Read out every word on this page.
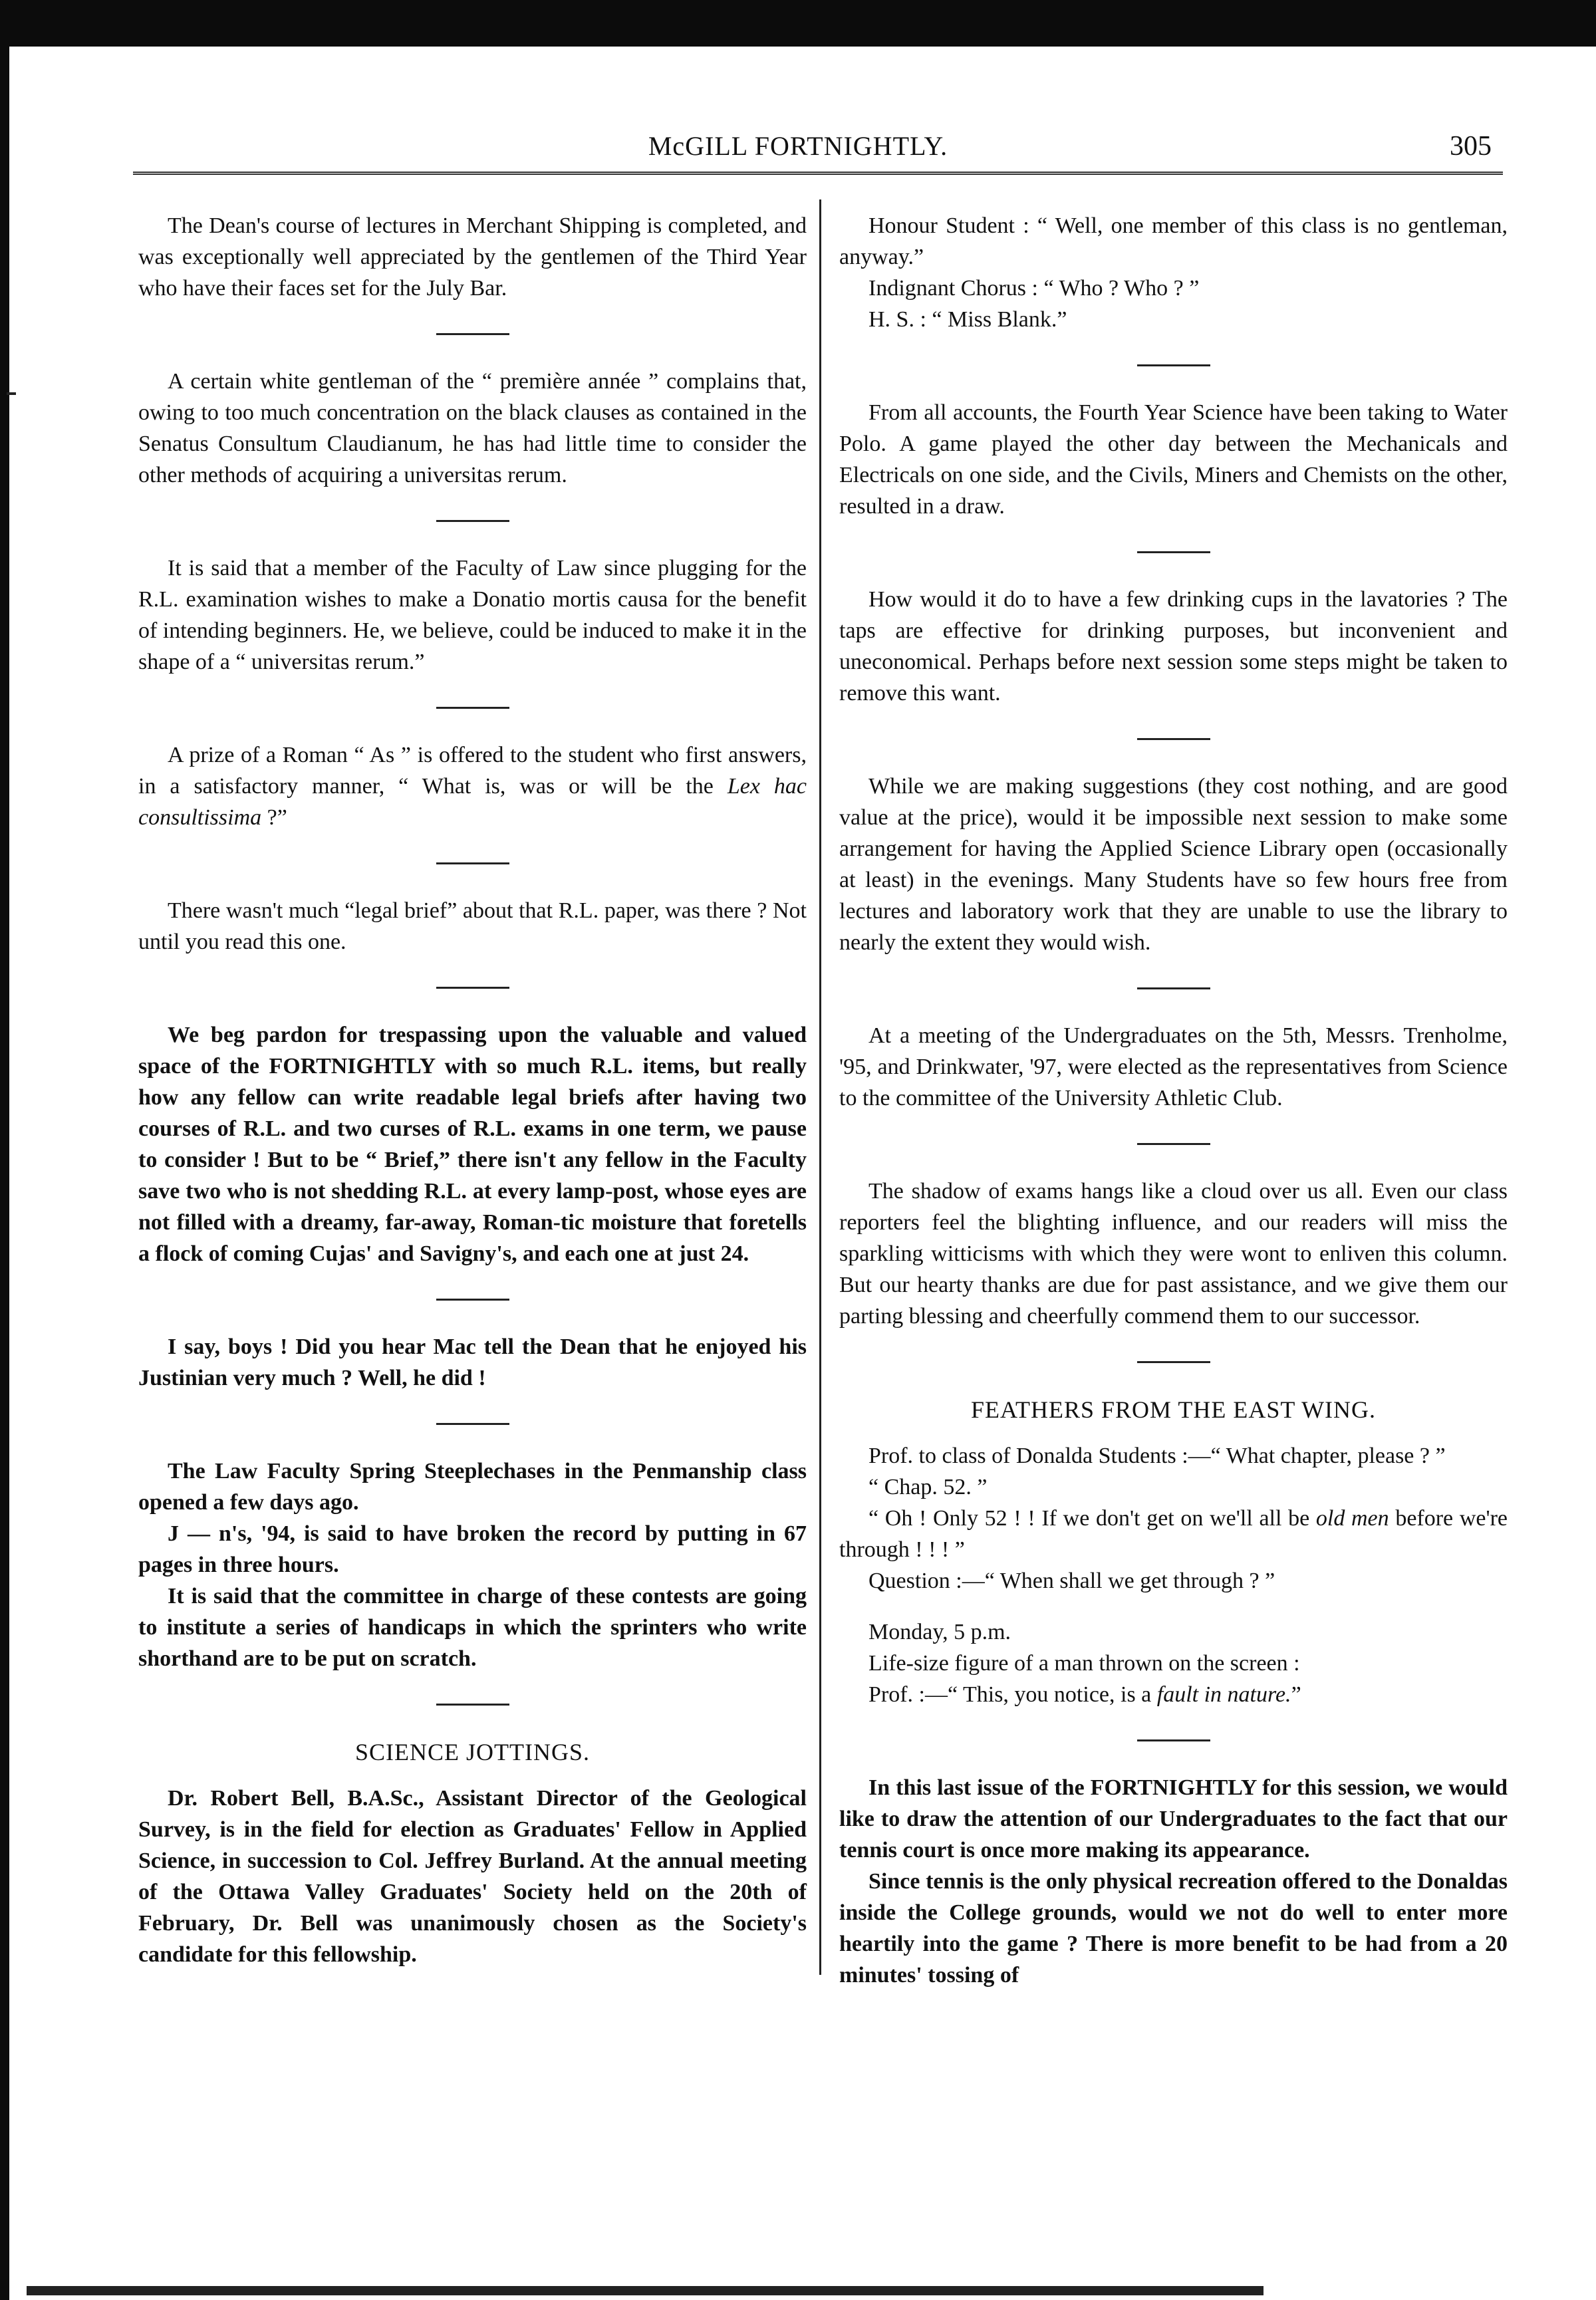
McGILL FORTNIGHTLY.	305

The Dean's course of lectures in Merchant Shipping is completed, and was exceptionally well appreciated by the gentlemen of the Third Year who have their faces set for the July Bar.

A certain white gentleman of the “ première année ” complains that, owing to too much concentration on the black clauses as contained in the Senatus Consultum Claudianum, he has had little time to consider the other methods of acquiring a universitas rerum.

It is said that a member of the Faculty of Law since plugging for the R.L. examination wishes to make a Donatio mortis causa for the benefit of intending beginners. He, we believe, could be induced to make it in the shape of a “ universitas rerum.”

A prize of a Roman “ As ” is offered to the student who first answers, in a satisfactory manner, “ What is, was or will be the Lex hac consultissima ?”

There wasn't much “legal brief” about that R.L. paper, was there ? Not until you read this one.

We beg pardon for trespassing upon the valuable and valued space of the FORTNIGHTLY with so much R.L. items, but really how any fellow can write readable legal briefs after having two courses of R.L. and two curses of R.L. exams in one term, we pause to consider ! But to be “ Brief,” there isn't any fellow in the Faculty save two who is not shedding R.L. at every lamp-post, whose eyes are not filled with a dreamy, far-away, Roman-tic moisture that foretells a flock of coming Cujas' and Savigny's, and each one at just 24.

I say, boys ! Did you hear Mac tell the Dean that he enjoyed his Justinian very much ? Well, he did !

The Law Faculty Spring Steeplechases in the Penmanship class opened a few days ago.

J — n's, '94, is said to have broken the record by putting in 67 pages in three hours.

It is said that the committee in charge of these contests are going to institute a series of handicaps in which the sprinters who write shorthand are to be put on scratch.

SCIENCE JOTTINGS.

Dr. Robert Bell, B.A.Sc., Assistant Director of the Geological Survey, is in the field for election as Graduates' Fellow in Applied Science, in succession to Col. Jeffrey Burland. At the annual meeting of the Ottawa Valley Graduates' Society held on the 20th of February, Dr. Bell was unanimously chosen as the Society's candidate for this fellowship.

Honour Student : “ Well, one member of this class is no gentleman, anyway.”

Indignant Chorus : “ Who ? Who ? ”

H. S. : “ Miss Blank.”

From all accounts, the Fourth Year Science have been taking to Water Polo. A game played the other day between the Mechanicals and Electricals on one side, and the Civils, Miners and Chemists on the other, resulted in a draw.

How would it do to have a few drinking cups in the lavatories ? The taps are effective for drinking purposes, but inconvenient and uneconomical. Perhaps before next session some steps might be taken to remove this want.

While we are making suggestions (they cost nothing, and are good value at the price), would it be impossible next session to make some arrangement for having the Applied Science Library open (occasionally at least) in the evenings. Many Students have so few hours free from lectures and laboratory work that they are unable to use the library to nearly the extent they would wish.

At a meeting of the Undergraduates on the 5th, Messrs. Trenholme, '95, and Drinkwater, '97, were elected as the representatives from Science to the committee of the University Athletic Club.

The shadow of exams hangs like a cloud over us all. Even our class reporters feel the blighting influence, and our readers will miss the sparkling witticisms with which they were wont to enliven this column. But our hearty thanks are due for past assistance, and we give them our parting blessing and cheerfully commend them to our successor.

FEATHERS FROM THE EAST WING.

Prof. to class of Donalda Students :—“ What chapter, please ? ”

“ Chap. 52. ”

“ Oh ! Only 52 ! ! If we don't get on we'll all be old men before we're through ! ! ! ”

Question :—“ When shall we get through ? ”

Monday, 5 p.m.

Life-size figure of a man thrown on the screen :

Prof. :—“ This, you notice, is a fault in nature.”

In this last issue of the FORTNIGHTLY for this session, we would like to draw the attention of our Undergraduates to the fact that our tennis court is once more making its appearance.

Since tennis is the only physical recreation offered to the Donaldas inside the College grounds, would we not do well to enter more heartily into the game ? There is more benefit to be had from a 20 minutes' tossing of
